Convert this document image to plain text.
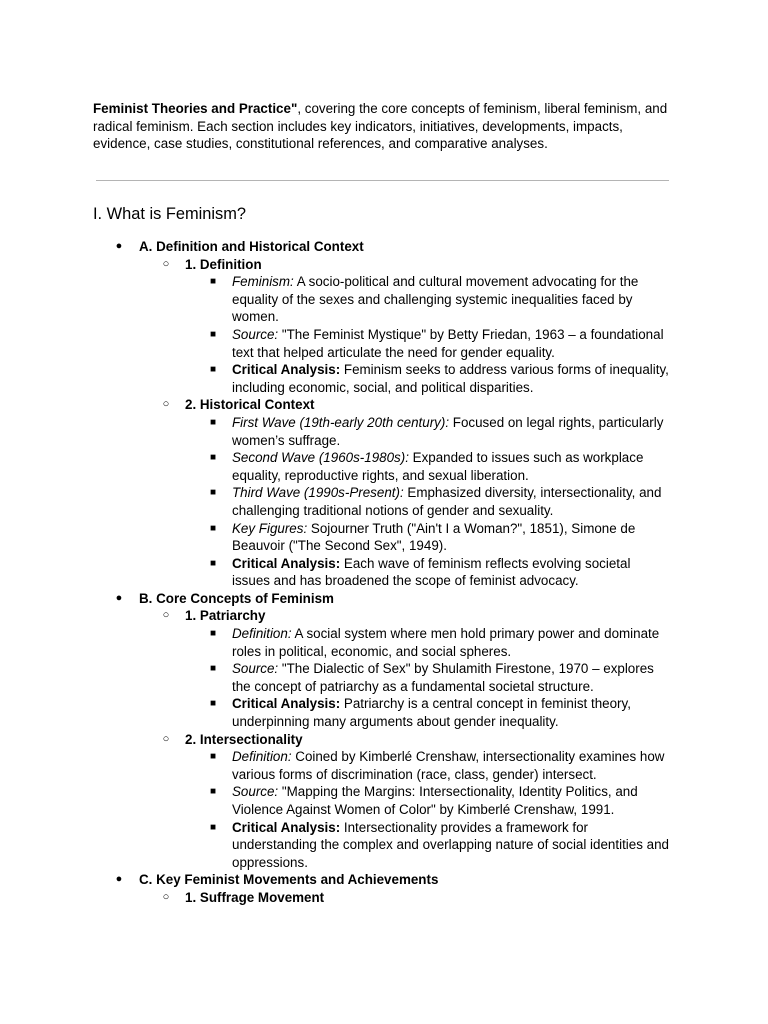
Feminist Theories and Practice", covering the core concepts of feminism, liberal feminism, and radical feminism. Each section includes key indicators, initiatives, developments, impacts, evidence, case studies, constitutional references, and comparative analyses.

I. What is Feminism?
● A. Definition and Historical Context
○ 1. Definition
■ Feminism: A socio-political and cultural movement advocating for the equality of the sexes and challenging systemic inequalities faced by women.
■ Source: "The Feminist Mystique" by Betty Friedan, 1963 – a foundational text that helped articulate the need for gender equality.
■ Critical Analysis: Feminism seeks to address various forms of inequality, including economic, social, and political disparities.
○ 2. Historical Context
■ First Wave (19th-early 20th century): Focused on legal rights, particularly women’s suffrage.
■ Second Wave (1960s-1980s): Expanded to issues such as workplace equality, reproductive rights, and sexual liberation.
■ Third Wave (1990s-Present): Emphasized diversity, intersectionality, and challenging traditional notions of gender and sexuality.
■ Key Figures: Sojourner Truth ("Ain't I a Woman?", 1851), Simone de Beauvoir ("The Second Sex", 1949).
■ Critical Analysis: Each wave of feminism reflects evolving societal issues and has broadened the scope of feminist advocacy.
● B. Core Concepts of Feminism
○ 1. Patriarchy
■ Definition: A social system where men hold primary power and dominate roles in political, economic, and social spheres.
■ Source: "The Dialectic of Sex" by Shulamith Firestone, 1970 – explores the concept of patriarchy as a fundamental societal structure.
■ Critical Analysis: Patriarchy is a central concept in feminist theory, underpinning many arguments about gender inequality.
○ 2. Intersectionality
■ Definition: Coined by Kimberlé Crenshaw, intersectionality examines how various forms of discrimination (race, class, gender) intersect.
■ Source: "Mapping the Margins: Intersectionality, Identity Politics, and Violence Against Women of Color" by Kimberlé Crenshaw, 1991.
■ Critical Analysis: Intersectionality provides a framework for understanding the complex and overlapping nature of social identities and oppressions.
● C. Key Feminist Movements and Achievements
○ 1. Suffrage Movement
